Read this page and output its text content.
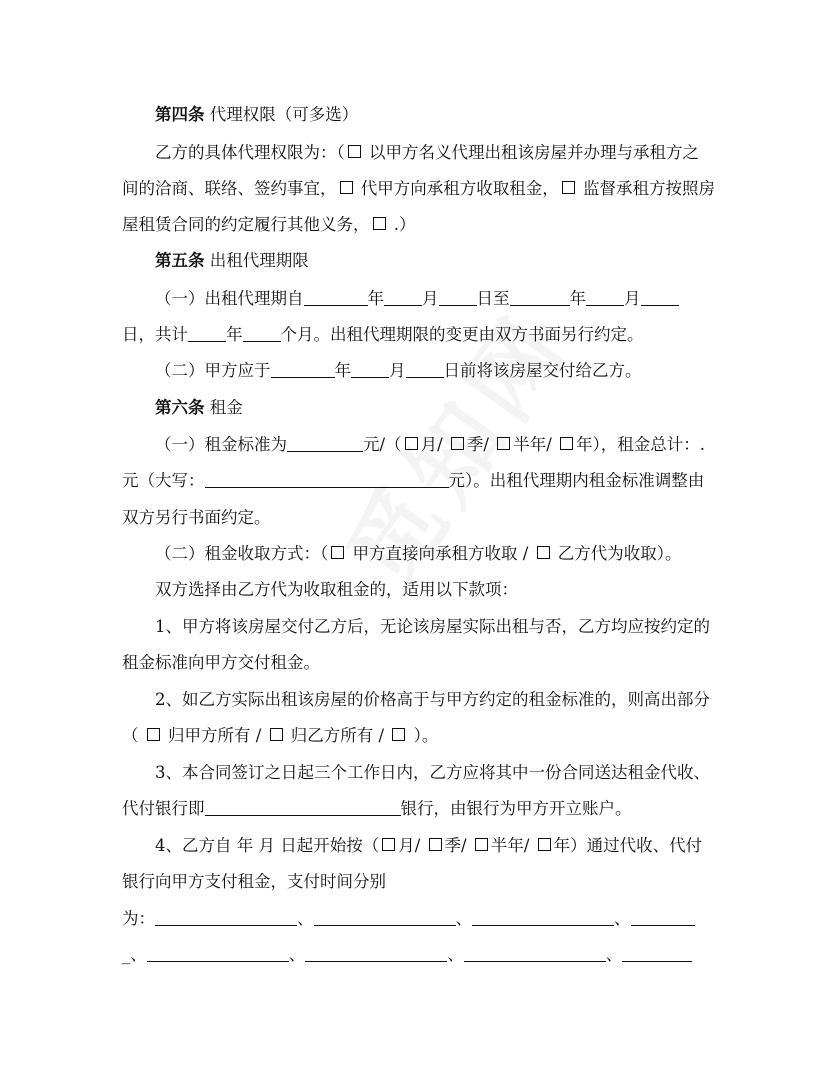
第四条 代理权限（可多选）
乙方的具体代理权限为：（ 以甲方名义代理出租该房屋并办理与承租方之
间的洽商、联络、签约事宜， 代甲方向承租方收取租金， 监督承租方按照房
屋租赁合同的约定履行其他义务， .）
第五条 出租代理期限
（一）出租代理期自	年 月 日至	年 月
日，共计 年 个月。出租代理期限的变更由双方书面另行约定。
（二）甲方应于	年 月 日前将该房屋交付给乙方。
第六条 租金
（一）租金标准为	元/（ 月/ 季/ 半年/ 年），租金总计：.
元（大写：	元）。出租代理期内租金标准调整由
双方另行书面约定。
（二）租金收取方式：（ 甲方直接向承租方收取 /  乙方代为收取）。
双方选择由乙方代为收取租金的，适用以下款项：
1、甲方将该房屋交付乙方后，无论该房屋实际出租与否，乙方均应按约定的
租金标准向甲方交付租金。
2、如乙方实际出租该房屋的价格高于与甲方约定的租金标准的，则高出部分
（  归甲方所有 /  归乙方所有 /  ）。
3、本合同签订之日起三个工作日内，乙方应将其中一份合同送达租金代收、
代付银行即	银行，由银行为甲方开立账户。
4、乙方自 年 月 日起开始按（ 月/ 季/ 半年/ 年）通过代收、代付
银行向甲方支付租金，支付时间分别
为：	、	、	、
_、	、	、	、
